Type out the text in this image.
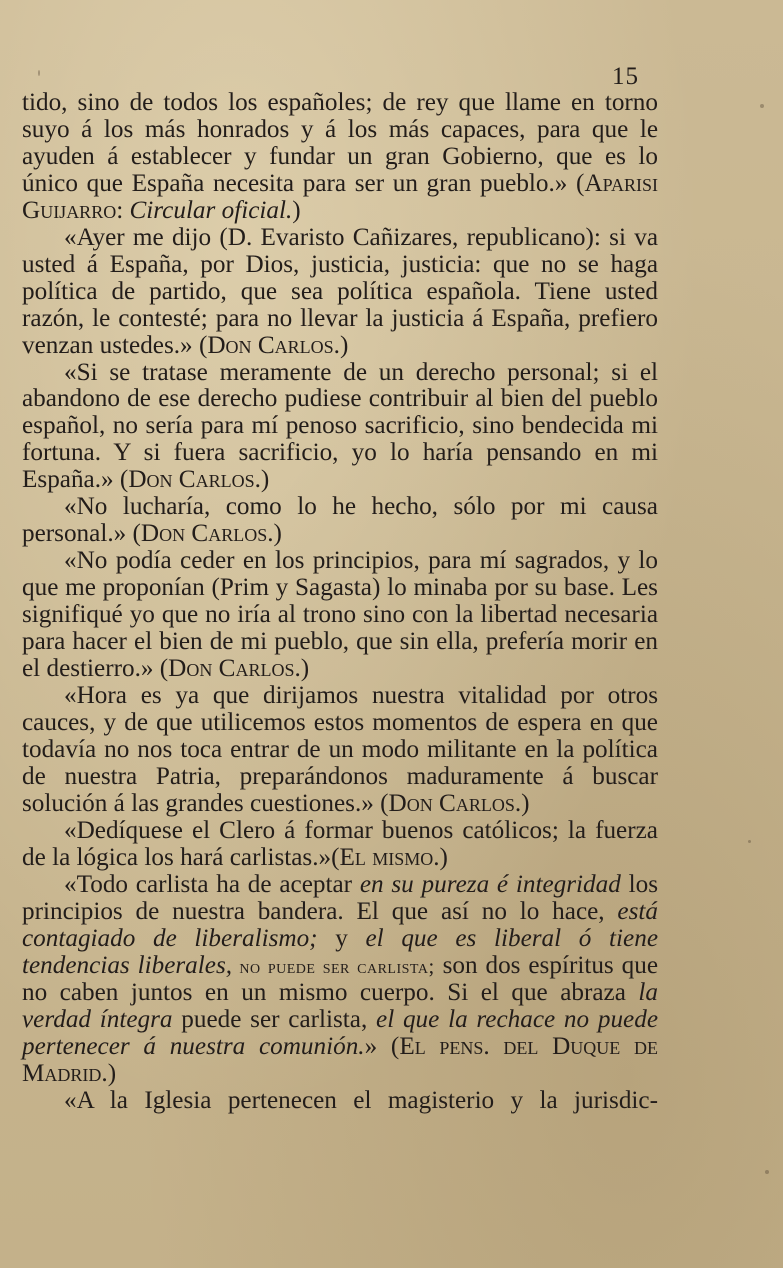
15

tido, sino de todos los españoles; de rey que llame en torno suyo á los más honrados y á los más capaces, para que le ayuden á establecer y fundar un gran Gobierno, que es lo único que España necesita para ser un gran pueblo.» (Aparisi Guijarro: Circular oficial.)

«Ayer me dijo (D. Evaristo Cañizares, republicano): si va usted á España, por Dios, justicia, justicia: que no se haga política de partido, que sea política española. Tiene usted razón, le contesté; para no llevar la justicia á España, prefiero venzan ustedes.» (Don Carlos.)

«Si se tratase meramente de un derecho personal; si el abandono de ese derecho pudiese contribuir al bien del pueblo español, no sería para mí penoso sacrificio, sino bendecida mi fortuna. Y si fuera sacrificio, yo lo haría pensando en mi España.» (Don Carlos.)

«No lucharía, como lo he hecho, sólo por mi causa personal.» (Don Carlos.)

«No podía ceder en los principios, para mí sagrados, y lo que me proponían (Prim y Sagasta) lo minaba por su base. Les signifiqué yo que no iría al trono sino con la libertad necesaria para hacer el bien de mi pueblo, que sin ella, prefería morir en el destierro.» (Don Carlos.)

«Hora es ya que dirijamos nuestra vitalidad por otros cauces, y de que utilicemos estos momentos de espera en que todavía no nos toca entrar de un modo militante en la política de nuestra Patria, preparándonos maduramente á buscar solución á las grandes cuestiones.» (Don Carlos.)

«Dedíquese el Clero á formar buenos católicos; la fuerza de la lógica los hará carlistas.»(El mismo.)

«Todo carlista ha de aceptar en su pureza é integridad los principios de nuestra bandera. El que así no lo hace, está contagiado de liberalismo; y el que es liberal ó tiene tendencias liberales, no puede ser carlista; son dos espíritus que no caben juntos en un mismo cuerpo. Si el que abraza la verdad íntegra puede ser carlista, el que la rechace no puede pertenecer á nuestra comunión.» (El pens. del Duque de Madrid.)

«A la Iglesia pertenecen el magisterio y la jurisdic-
